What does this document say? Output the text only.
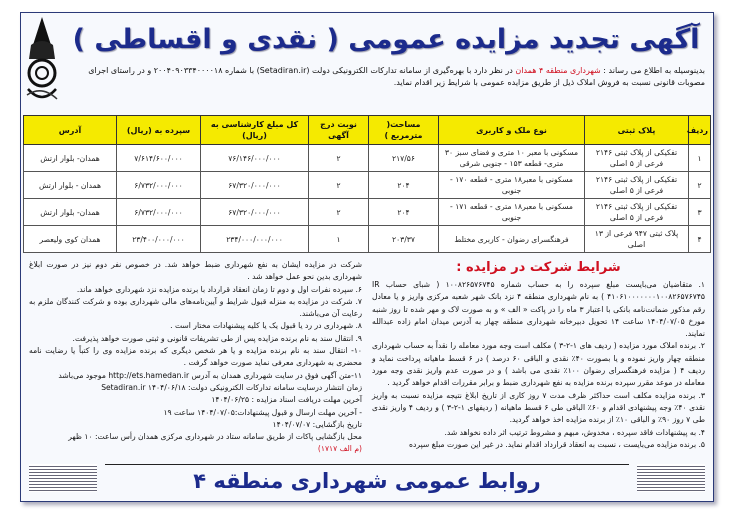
آگهی تجدید مزایده عمومی ( نقدی و اقساطی )
بدینوسیله به اطلاع می رساند : شهرداری منطقه ۴ همدان در نظر دارد با بهره‌گیری از سامانه تدارکات الکترونیکی دولت (Setadiran.ir) با شماره ۲۰۰۴۰۹۰۳۳۴۰۰۰۰۱۸ و در راستای اجرای مصوبات قانونی نسبت به فروش املاک ذیل از طریق مزایده عمومی با شرایط زیر اقدام نماید.
ردیف	پلاک ثبتی	نوع ملک و کاربری	مساحت( مترمربع )	نوبت درج آگهی	کل مبلغ کارشناسی به (ریال)	سپرده به (ریال)	آدرس
۱	تفکیکی از پلاک ثبتی ۲۱۴۶ فرعی از ۵ اصلی	مسکونی با معبر ۱۰ متری و فضای سبز ۳۰ متری- قطعه ۱۵۳ - جنوبی شرقی	۲۱۷/۵۶	۲	۷۶/۱۴۶/۰۰۰/۰۰۰	۷/۶۱۴/۶۰۰/۰۰۰	همدان- بلوار ارتش
۲	تفکیکی از پلاک ثبتی ۲۱۴۶ فرعی از ۵ اصلی	مسکونی با معبر۱۸ متری - قطعه ۱۷۰ - جنوبی	۲۰۴	۲	۶۷/۳۲۰/۰۰۰/۰۰۰	۶/۷۳۲/۰۰۰/۰۰۰	همدان - بلوار ارتش
۳	تفکیکی از پلاک ثبتی ۲۱۴۶ فرعی از ۵ اصلی	مسکونی با معبر۱۸ متری - قطعه ۱۷۱ - جنوبی	۲۰۴	۲	۶۷/۳۲۰/۰۰۰/۰۰۰	۶/۷۳۲/۰۰۰/۰۰۰	همدان- بلوار ارتش
۴	پلاک ثبتی ۹۴۷ فرعی از ۱۳ اصلی	فرهنگسرای رضوان - کاربری مختلط	۲۰۳/۳۷	۱	۲۳۴/۰۰۰/۰۰۰/۰۰۰	۲۳/۴۰۰/۰۰۰/۰۰۰	همدان کوی ولیعصر
شرایط شرکت در مزایده :
۱. متقاضیان می‌بایست مبلغ سپرده را به حساب شماره ۱۰۰۸۲۶۵۷۶۷۴۵ ( شبای حساب IR ۴۱۰۶۱۰۰۰۰۰۰۰۱۰۰۸۲۶۵۷۶۷۴۵ ) به نام شهرداری منطقه ۴ نزد بانک شهر شعبه مرکزی واریز و یا معادل رقم مذکور ضمانت‌نامه بانکی با اعتبار ۳ ماه را در پاکت « الف » و به صورت لاک و مهر شده تا روز شنبه مورخ ۱۴۰۴/۰۷/۰۵ ساعت ۱۴ تحویل دبیرخانه شهرداری منطقه چهار به آدرس میدان امام زاده عبدالله نمایند.
۲. برنده املاک مورد مزایده ( ردیف های ۱-۲-۳ ) مکلف است وجه مورد معامله را نقداً به حساب شهرداری منطقه چهار واریز نموده و یا بصورت ۴۰٪ نقدی و الباقی ۶۰ درصد ) در ۶ قسط ماهیانه پرداخت نماید و ردیف ۴ ( مزایده فرهنگسرای رضوان ۱۰۰٪ نقدی می باشد ) و در صورت عدم واریز نقدی وجه مورد معامله در موعد مقرر سپرده برنده مزایده به نفع شهرداری ضبط و برابر مقررات اقدام خواهد گردید .
۳. برنده مزایده مکلف است حداکثر ظرف مدت ۷ روز کاری از تاریخ ابلاغ نتیجه مزایده نسبت به واریز نقدی ۴۰٪ وجه پیشنهادی اقدام و ۶۰٪ الباقی طی ۶ قسط ماهیانه ( ردیفهای ۱-۲-۳ ) و ردیف ۴ واریز نقدی طی ۷ روز ۹۰٪ و الباقی ۱۰٪ از برنده مزایده اخذ خواهد گردید.
۴. به پیشنهادات فاقد سپرده ، مخدوش، مبهم و مشروط ترتیب اثر داده نخواهد شد.
۵. برنده مزایده می‌بایست ، نسبت به انعقاد قرارداد اقدام نماید. در غیر این صورت مبلغ سپرده
شرکت در مزایده ایشان به نفع شهرداری ضبط خواهد شد. در خصوص نفر دوم نیز در صورت ابلاغ شهرداری بدین نحو عمل خواهد شد .
۶. سپرده نفرات اول و دوم تا زمان انعقاد قرارداد با برنده مزایده نزد شهرداری خواهد ماند.
۷. شرکت در مزایده به منزله قبول شرایط و آیین‌نامه‌های مالی شهرداری بوده و شرکت کنندگان ملزم به رعایت آن می‌باشند.
۸. شهرداری در رد یا قبول یک یا کلیه پیشنهادات مختار است .
۹. انتقال سند به نام برنده مزایده پس از طی تشریفات قانونی و ثبتی صورت خواهد پذیرفت.
۱۰- انتقال سند به نام برنده مزایده و یا هر شخص دیگری که برنده مزایده وی را کتباً یا رضایت نامه محضری به شهرداری معرفی نماید صورت خواهد گرفت .
۱۱-متن آگهی فوق در سایت شهرداری همدان به آدرس http://ets.hamedan.ir موجود می‌باشد
زمان انتشار درسایت سامانه تدارکات الکترونیکی دولت: Setadiran.ir ۱۴۰۴/۰۶/۱۸
آخرین مهلت دریافت اسناد مزایده : ۱۴۰۴/۰۶/۲۵
- آخرین مهلت ارسال و قبول پیشنهادات:۱۴۰۴/۰۷/۰۵ ساعت ۱۹
تاریخ بازگشایی: ۱۴۰۴/۰۷/۰۷
محل بازگشایی پاکات از طریق سامانه ستاد در شهرداری مرکزی همدان رأس ساعت: ۱۰ ظهر
(م الف ۱۷۱۷)
روابط عمومی شهرداری منطقه ۴
